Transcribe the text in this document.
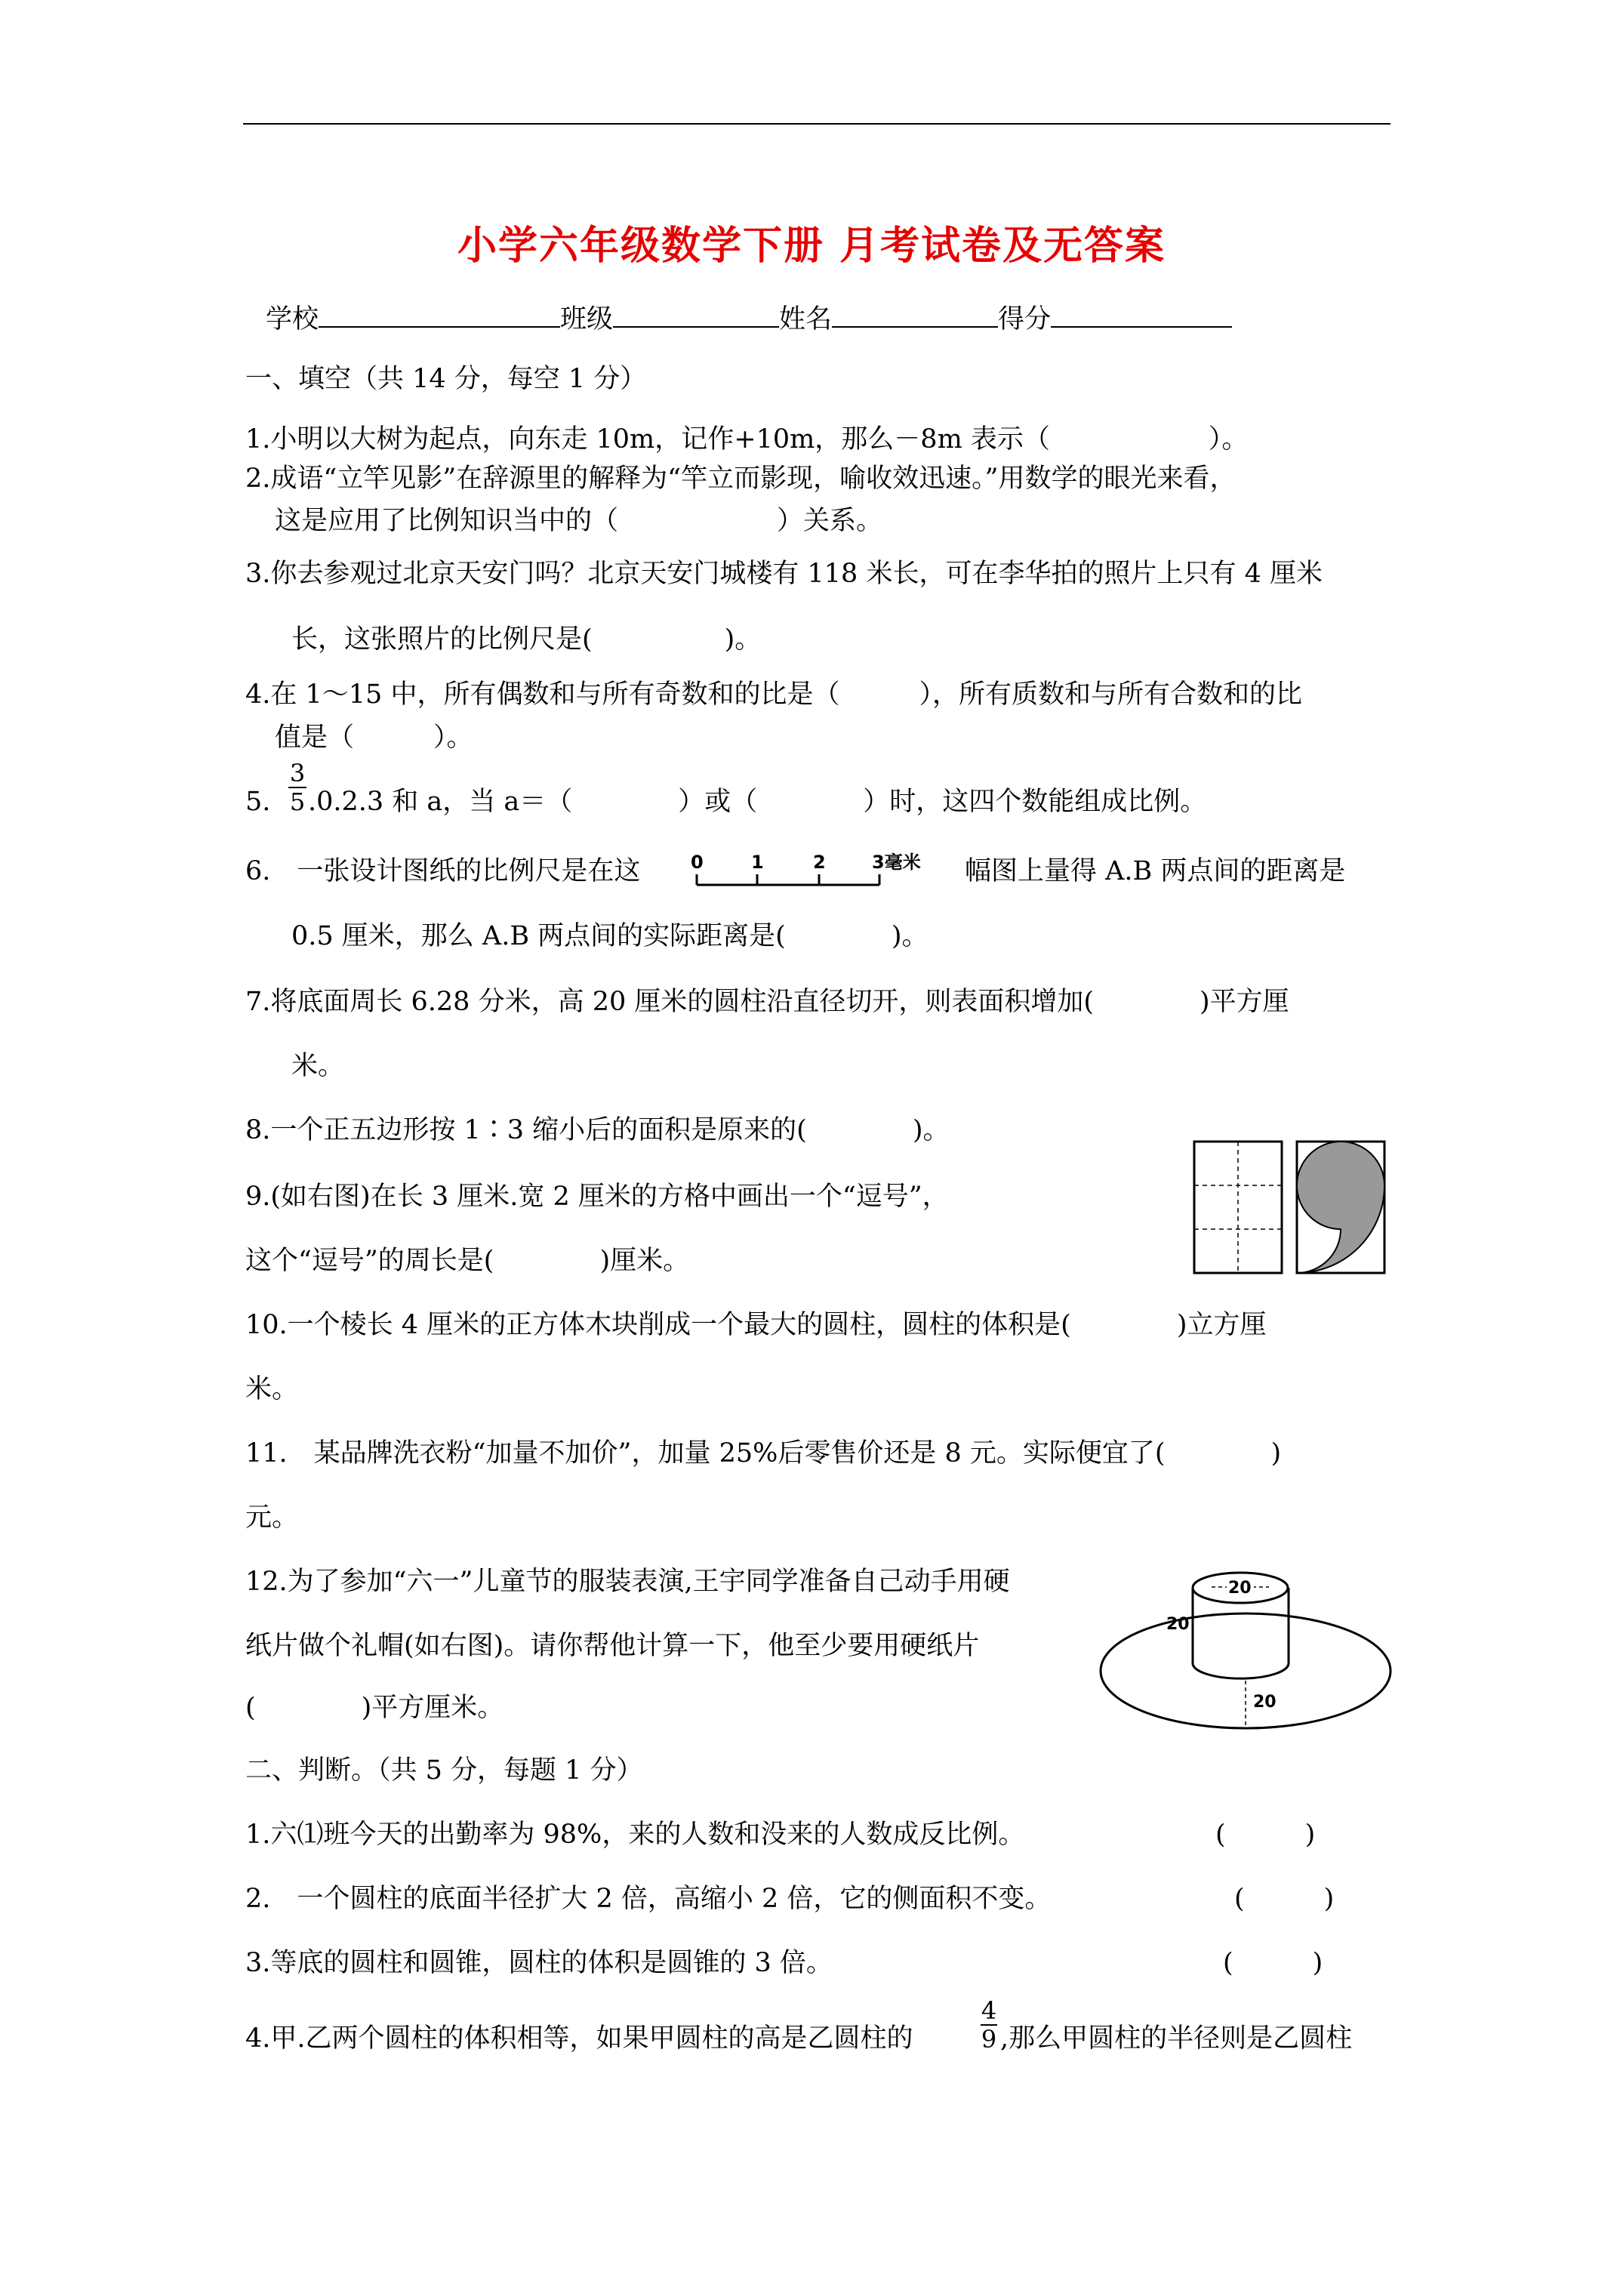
小学六年级数学下册 月考试卷及无答案
学校	班级	姓名	得分
一、填空（共 14 分，每空 1 分）
1.小明以大树为起点，向东走 10m，记作+10m，那么－8m 表示（　　　　　　）。
2.成语“立竿见影”在辞源里的解释为“竿立而影现，喻收效迅速。”用数学的眼光来看，
这是应用了比例知识当中的（　　　　　　）关系。
3.你去参观过北京天安门吗？北京天安门城楼有 118 米长，可在李华拍的照片上只有 4 厘米
长，这张照片的比例尺是(　　　　　)。
4.在 1～15 中，所有偶数和与所有奇数和的比是（　　　），所有质数和与所有合数和的比
值是（　　　）。
5.
3
5 .0.2.3 和 a，当 a＝（　　　　）或（　　　　）时，这四个数能组成比例。
6.　一张设计图纸的比例尺是在这	0	1	2	3毫米 幅图上量得 A.B 两点间的距离是
0.5 厘米，那么 A.B 两点间的实际距离是(　　　　)。
7.将底面周长 6.28 分米，高 20 厘米的圆柱沿直径切开，则表面积增加(　　　　)平方厘
米。
8.一个正五边形按 1∶3 缩小后的面积是原来的(　　　　)。
9.(如右图)在长 3 厘米.宽 2 厘米的方格中画出一个“逗号”，
这个“逗号”的周长是(　　　　)厘米。
10.一个棱长 4 厘米的正方体木块削成一个最大的圆柱，圆柱的体积是(　　　　)立方厘
米。
11.　某品牌洗衣粉“加量不加价”，加量 25%后零售价还是 8 元。实际便宜了(　　　　)
元。
20
20
20
12.为了参加“六一”儿童节的服装表演,王宇同学准备自己动手用硬
纸片做个礼帽(如右图)。请你帮他计算一下，他至少要用硬纸片
(　　　　)平方厘米。
二、判断。（共 5 分，每题 1 分）
1.六⑴班今天的出勤率为 98%，来的人数和没来的人数成反比例。	(　　　)
2.　一个圆柱的底面半径扩大 2 倍，高缩小 2 倍，它的侧面积不变。	(　　　)
3.等底的圆柱和圆锥，圆柱的体积是圆锥的 3 倍。	(　　　)
4.甲.乙两个圆柱的体积相等，如果甲圆柱的高是乙圆柱的
4
9 ,那么甲圆柱的半径则是乙圆柱
